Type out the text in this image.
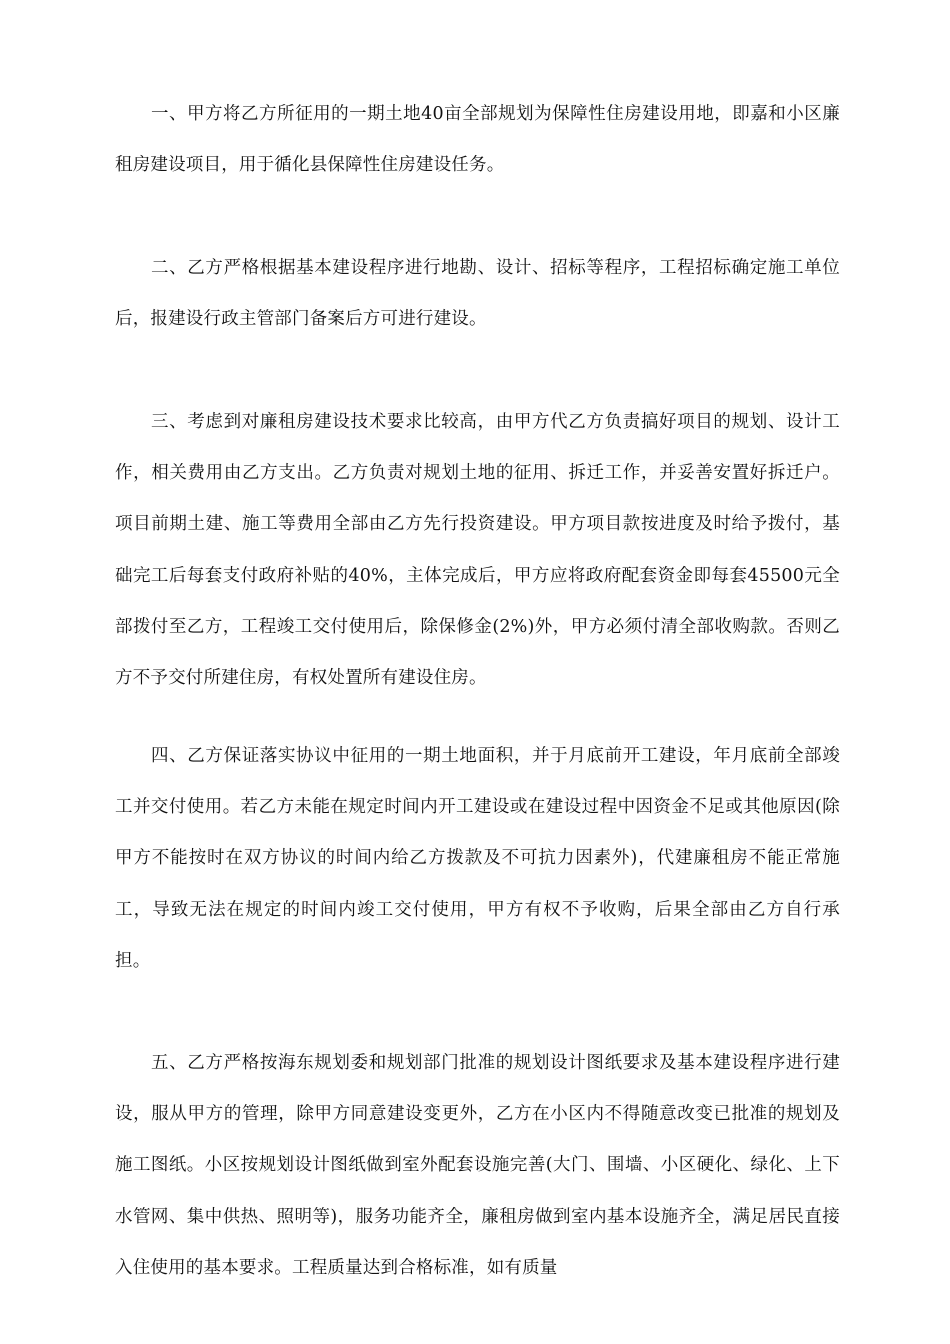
一、甲方将乙方所征用的一期土地40亩全部规划为保障性住房建设用地，即嘉和小区廉租房建设项目，用于循化县保障性住房建设任务。

二、乙方严格根据基本建设程序进行地勘、设计、招标等程序，工程招标确定施工单位后，报建设行政主管部门备案后方可进行建设。

三、考虑到对廉租房建设技术要求比较高，由甲方代乙方负责搞好项目的规划、设计工作，相关费用由乙方支出。乙方负责对规划土地的征用、拆迁工作，并妥善安置好拆迁户。项目前期土建、施工等费用全部由乙方先行投资建设。甲方项目款按进度及时给予拨付，基础完工后每套支付政府补贴的40%，主体完成后，甲方应将政府配套资金即每套45500元全部拨付至乙方，工程竣工交付使用后，除保修金(2%)外，甲方必须付清全部收购款。否则乙方不予交付所建住房，有权处置所有建设住房。

四、乙方保证落实协议中征用的一期土地面积，并于月底前开工建设，年月底前全部竣工并交付使用。若乙方未能在规定时间内开工建设或在建设过程中因资金不足或其他原因(除甲方不能按时在双方协议的时间内给乙方拨款及不可抗力因素外)，代建廉租房不能正常施工，导致无法在规定的时间内竣工交付使用，甲方有权不予收购，后果全部由乙方自行承担。

五、乙方严格按海东规划委和规划部门批准的规划设计图纸要求及基本建设程序进行建设，服从甲方的管理，除甲方同意建设变更外，乙方在小区内不得随意改变已批准的规划及施工图纸。小区按规划设计图纸做到室外配套设施完善(大门、围墙、小区硬化、绿化、上下水管网、集中供热、照明等)，服务功能齐全，廉租房做到室内基本设施齐全，满足居民直接入住使用的基本要求。工程质量达到合格标准，如有质量
